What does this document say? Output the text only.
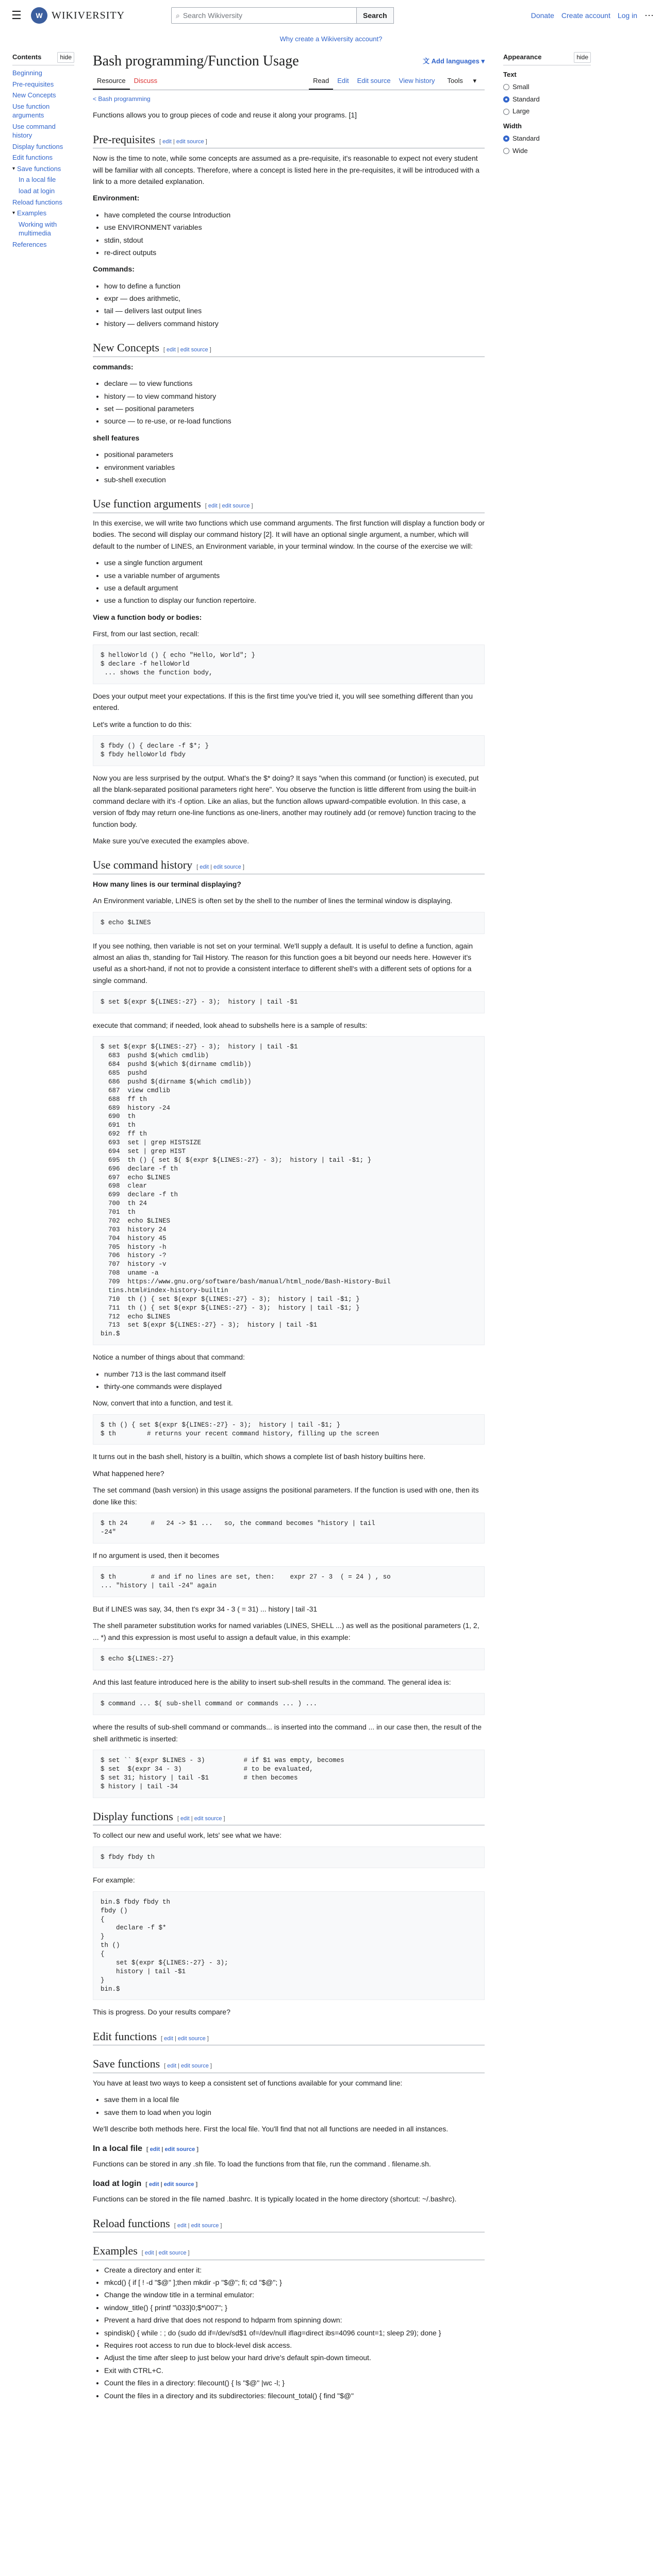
☰	W WIKIVERSITY	⌕ Search Wikiversity	Search	Donate Create account Log in ⋯
Why create a Wikiversity account?
Contents	hide
Beginning
Pre-requisites
New Concepts
Use function arguments
Use command history
Display functions
Edit functions
▾ Save functions
In a local file
load at login
Reload functions
▾ Examples
Working with multimedia
References
Bash programming/Function Usage	文 Add languages ▾
Resource	Discuss	Read	Edit	Edit source	View history	Tools ▾
< Bash programming

Functions allows you to group pieces of code and reuse it along your programs. [1]

Pre-requisites [ edit | edit source ]

Now is the time to note, while some concepts are assumed as a pre-requisite, it's reasonable to expect not every student will be familiar with all concepts. Therefore, where a concept is listed here in the pre-requisites, it will be introduced with a link to a more detailed explanation.

Environment:

• have completed the course Introduction
• use ENVIRONMENT variables
• stdin, stdout
• re-direct outputs

Commands:

• how to define a function
• expr — does arithmetic,
• tail — delivers last output lines
• history — delivers command history
New Concepts [ edit | edit source ]

commands:

• declare — to view functions
• history — to view command history
• set — positional parameters
• source — to re-use, or re-load functions

shell features

• positional parameters
• environment variables
• sub-shell execution
Use function arguments [ edit | edit source ]

In this exercise, we will write two functions which use command arguments. The first function will display a function body or bodies. The second will display our command history [2]. It will have an optional single argument, a number, which will default to the number of LINES, an Environment variable, in your terminal window. In the course of the exercise we will:

• use a single function argument
• use a variable number of arguments
• use a default argument
• use a function to display our function repertoire.

View a function body or bodies:

First, from our last section, recall:

$ helloWorld () { echo "Hello, World"; }
$ declare -f helloWorld
... shows the function body,

Does your output meet your expectations. If this is the first time you've tried it, you will see something different than you entered.

Let's write a function to do this:

$ fbdy () { declare -f $*; }
$ fbdy helloWorld fbdy

Now you are less surprised by the output. What's the $* doing? It says "when this command (or function) is executed, put all the blank-separated positional parameters right here". You observe the function is little different from using the built-in command declare with it's -f option. Like an alias, but the function allows upward-compatible evolution. In this case, a version of fbdy may return one-line functions as one-liners, another may routinely add (or remove) function tracing to the function body.

Make sure you've executed the examples above.

Use command history [ edit | edit source ]

How many lines is our terminal displaying?

An Environment variable, LINES is often set by the shell to the number of lines the terminal window is displaying.

$ echo $LINES

If you see nothing, then variable is not set on your terminal. We'll supply a default. It is useful to define a function, again almost an alias th, standing for Tail History. The reason for this function goes a bit beyond our needs here. However it's useful as a short-hand, if not not to provide a consistent interface to different shell's with a different sets of options for a single command.

$ set $(expr ${LINES:-27} - 3);  history | tail -$1

execute that command; if needed, look ahead to subshells here is a sample of results:

$ set $(expr ${LINES:-27} - 3);  history | tail -$1
683  pushd $(which cmdlib)
684  pushd $(which $(dirname cmdlib))
685  pushd
686  pushd $(dirname $(which cmdlib))
687  view cmdlib
688  ff th
689  history -24
690  th
691  th
692  ff th
693  set | grep HISTSIZE
694  set | grep HIST
695  th () { set $( $(expr ${LINES:-27} - 3);  history | tail -$1; }
696  declare -f th
697  echo $LINES
698  clear
699  declare -f th
700  th 24
701  th
702  echo $LINES
703  history 24
704  history 45
705  history -h
706  history -?
707  history -v
708  uname -a
709  https://www.gnu.org/software/bash/manual/html_node/Bash-History-Buil
tins.html#index-history-builtin
710  th () { set $(expr ${LINES:-27} - 3);  history | tail -$1; }
711  th () { set $(expr ${LINES:-27} - 3);  history | tail -$1; }
712  echo $LINES
713  set $(expr ${LINES:-27} - 3);  history | tail -$1
bin.$

Notice a number of things about that command:

• number 713 is the last command itself
• thirty-one commands were displayed

Now, convert that into a function, and test it.

$ th () { set $(expr ${LINES:-27} - 3);  history | tail -$1; }
$ th        # returns your recent command history, filling up the screen

It turns out in the bash shell, history is a builtin, which shows a complete list of bash history builtins here.

What happened here?

The set command (bash version) in this usage assigns the positional parameters. If the function is used with one, then its done like this:

$ th 24      #   24 -> $1 ...   so, the command becomes "history | tail
-24"

If no argument is used, then it becomes

$ th         # and if no lines are set, then:    expr 27 - 3  ( = 24 ) , so
... "history | tail -24" again

But if LINES was say, 34, then t's expr 34 - 3 ( = 31) ... history | tail -31

The shell parameter substitution works for named variables (LINES, SHELL ...) as well as the positional parameters (1, 2, ... *) and this expression is most useful to assign a default value, in this example:

$ echo ${LINES:-27}

And this last feature introduced here is the ability to insert sub-shell results in the command. The general idea is:

$ command ... $( sub-shell command or commands ... ) ...

where the results of sub-shell command or commands... is inserted into the command ... in our case then, the result of the shell arithmetic is inserted:

$ set `` $(expr $LINES - 3)          # if $1 was empty, becomes
$ set  $(expr 34 - 3)                # to be evaluated,
$ set 31; history | tail -$1         # then becomes
$ history | tail -34
Display functions [ edit | edit source ]

To collect our new and useful work, lets' see what we have:

$ fbdy fbdy th

For example:

bin.$ fbdy fbdy th
fbdy ()
{
declare -f $*
}
th ()
{
set $(expr ${LINES:-27} - 3);
history | tail -$1
}
bin.$

This is progress. Do your results compare?

Edit functions [ edit | edit source ]
Save functions [ edit | edit source ]

You have at least two ways to keep a consistent set of functions available for your command line:

• save them in a local file
• save them to load when you login

We'll describe both methods here. First the local file. You'll find that not all functions are needed in all instances.

In a local file [ edit | edit source ]

Functions can be stored in any .sh file. To load the functions from that file, run the command . filename.sh.

load at login [ edit | edit source ]

Functions can be stored in the file named .bashrc. It is typically located in the home directory (shortcut: ~/.bashrc).

Reload functions [ edit | edit source ]
Examples [ edit | edit source ]
• Create a directory and enter it:
• mkcd() { if [ ! -d "$@" ];then mkdir -p "$@"; fi; cd "$@"; }
• Change the window title in a terminal emulator:
• window_title() { printf "\033]0;$*\007"; }
• Prevent a hard drive that does not respond to hdparm from spinning down:
• spindisk() { while : ; do (sudo dd if=/dev/sd$1 of=/dev/null iflag=direct ibs=4096 count=1; sleep 29); done }
• Requires root access to run due to block-level disk access.
• Adjust the time after sleep to just below your hard drive's default spin-down timeout.
• Exit with CTRL+C.
• Count the files in a directory: filecount() { ls "$@" |wc -l; }
• Count the files in a directory and its subdirectories: filecount_total() { find "$@"
Appearance	hide
Text
Small
Standard
Large
Width
Standard
Wide
